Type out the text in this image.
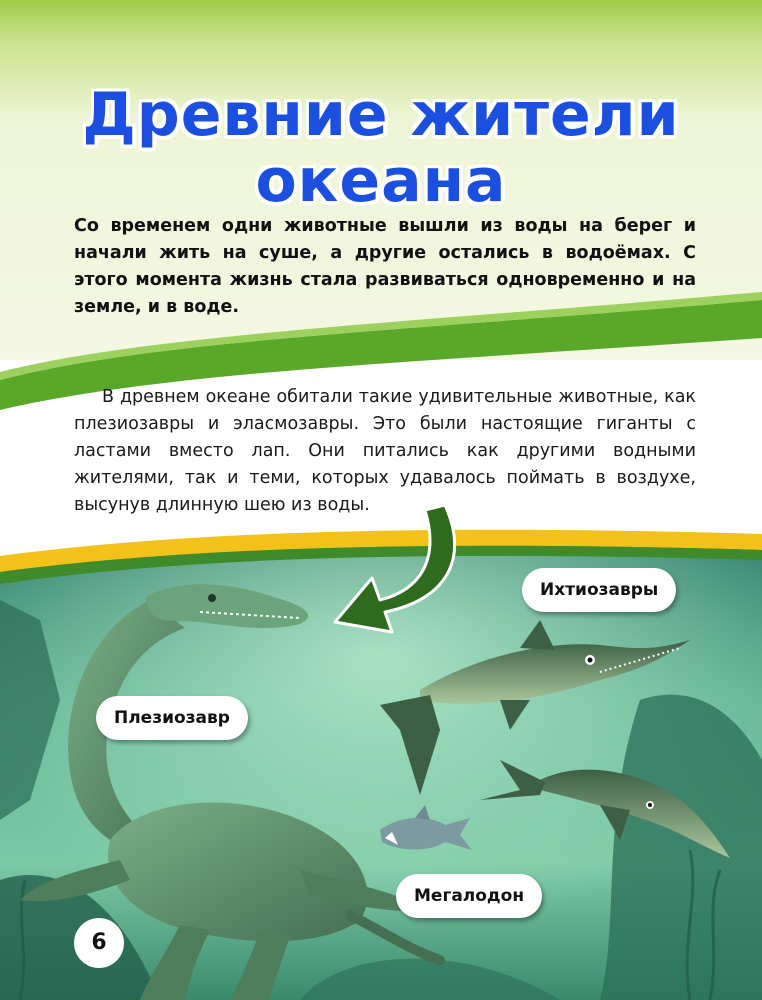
Древние жители
океана

Со временем одни животные вышли из воды на берег и начали жить на суше, а другие остались в водоёмах. С этого момента жизнь стала развиваться одновременно и на земле, и в воде.

В древнем океане обитали такие удивительные животные, как плезиозавры и эласмозавры. Это были настоящие гиганты с ластами вместо лап. Они питались как другими водными жителями, так и теми, которых удавалось поймать в воздухе, высунув длинную шею из воды.

Ихтиозавры
Плезиозавр
Мегалодон
6
